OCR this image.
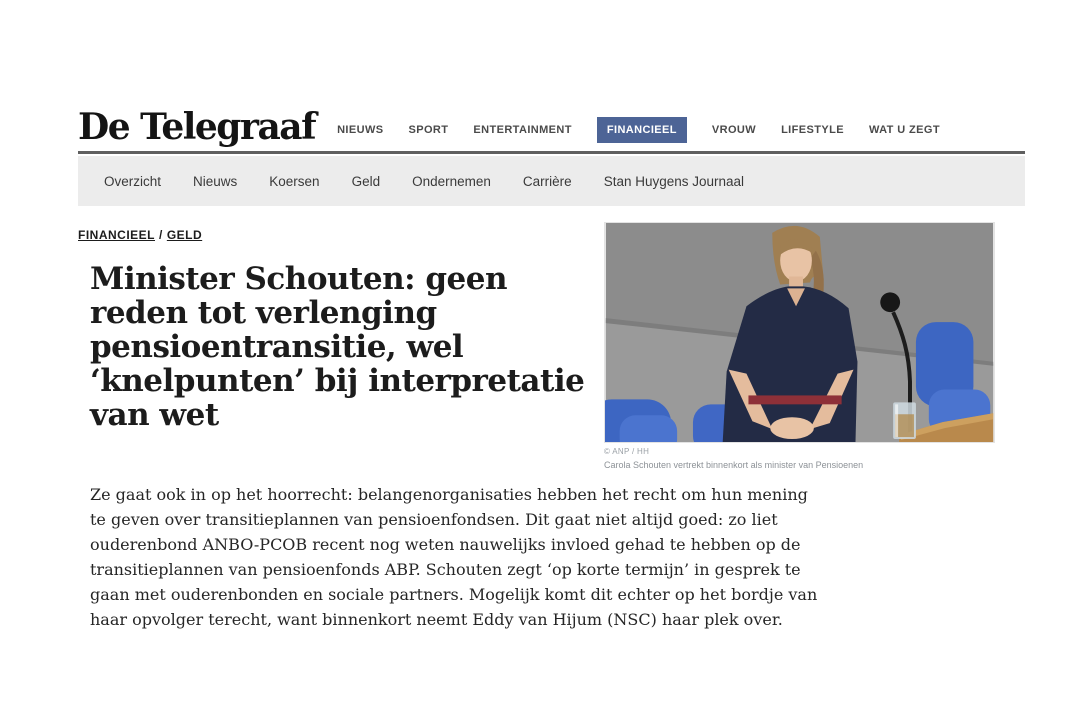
De Telegraaf NIEUWS SPORT ENTERTAINMENT	FINANCIEEL	VROUW LIFESTYLE WAT U ZEGT
Overzicht Nieuws Koersen Geld Ondernemen Carrière Stan Huygens Journaal
FINANCIEEL / GELD
Minister Schouten: geen
reden tot verlenging
pensioentransitie, wel
‘knelpunten’ bij interpretatie
van wet
© ANP / HH
Carola Schouten vertrekt binnenkort als minister van Pensioenen

Ze gaat ook in op het hoorrecht: belangenorganisaties hebben het recht om hun mening te geven over transitieplannen van pensioenfondsen. Dit gaat niet altijd goed: zo liet ouderenbond ANBO-PCOB recent nog weten nauwelijks invloed gehad te hebben op de transitieplannen van pensioenfonds ABP. Schouten zegt ‘op korte termijn’ in gesprek te gaan met ouderenbonden en sociale partners. Mogelijk komt dit echter op het bordje van haar opvolger terecht, want binnenkort neemt Eddy van Hijum (NSC) haar plek over.
